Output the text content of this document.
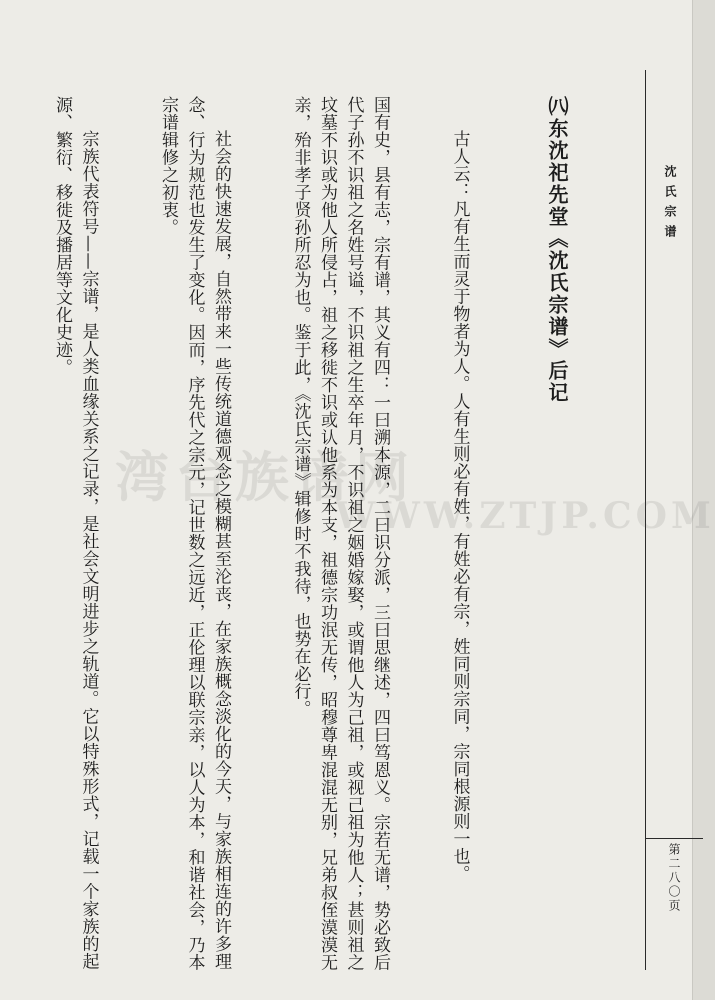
沈氏宗谱
第二八〇页

㈧东沈祀先堂《沈氏宗谱》后记

古人云：凡有生而灵于物者为人。人有生则必有姓，有姓必有宗，姓同则宗同，宗同根源则一也。

国有史，县有志，宗有谱，其义有四：一曰溯本源，二曰识分派，三曰思继述，四曰笃恩义。宗若无谱，势必致后代子孙不识祖之名姓号谥，不识祖之生卒年月，不识祖之姻婚嫁娶，或谓他人为己祖，或视己祖为他人；甚则祖之坟墓不识或为他人所侵占，祖之移徙不识或认他系为本支，祖德宗功泯无传，昭穆尊卑混混无别，兄弟叔侄漠漠无亲，殆非孝子贤孙所忍为也。鉴于此，《沈氏宗谱》辑修时不我待，也势在必行。

社会的快速发展，自然带来一些传统道德观念之模糊甚至沦丧，在家族概念淡化的今天，与家族相连的许多理念、行为规范也发生了变化。因而，序先代之宗元，记世数之远近，正伦理以联宗亲，以人为本，和谐社会，乃本宗谱辑修之初衷。

宗族代表符号——宗谱，是人类血缘关系之记录，是社会文明进步之轨道。它以特殊形式，记载一个家族的起源、繁衍、移徙及播居等文化史迹。

湾台族谱网
WWW.ZTJP.COM
